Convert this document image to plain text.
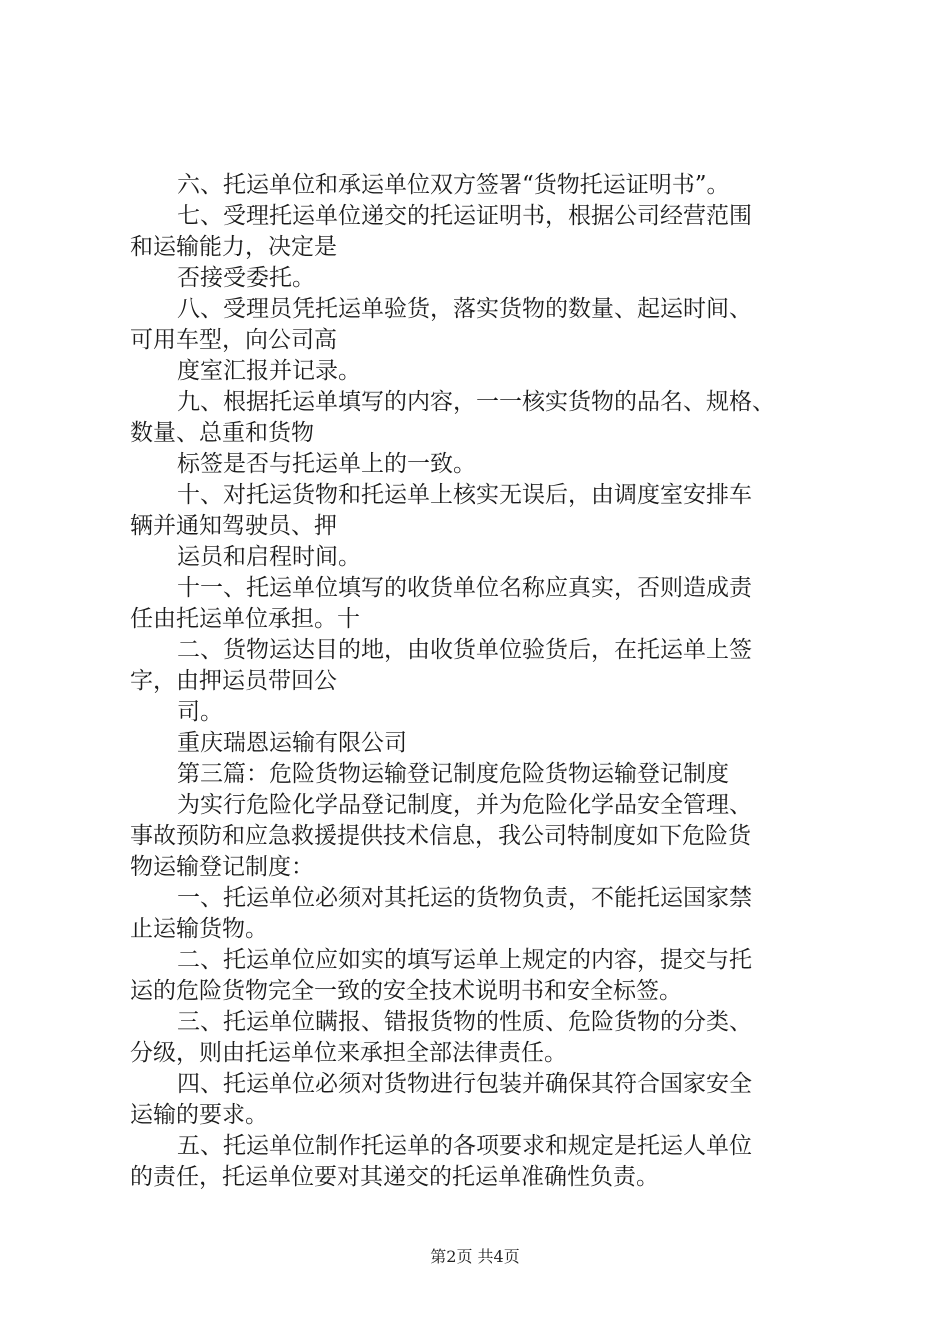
六、托运单位和承运单位双方签署“货物托运证明书”。
七、受理托运单位递交的托运证明书，根据公司经营范围
和运输能力，决定是
否接受委托。
八、受理员凭托运单验货，落实货物的数量、起运时间、
可用车型，向公司高
度室汇报并记录。
九、根据托运单填写的内容，一一核实货物的品名、规格、
数量、总重和货物
标签是否与托运单上的一致。
十、对托运货物和托运单上核实无误后，由调度室安排车
辆并通知驾驶员、押
运员和启程时间。
十一、托运单位填写的收货单位名称应真实，否则造成责
任由托运单位承担。十
二、货物运达目的地，由收货单位验货后，在托运单上签
字，由押运员带回公
司。
重庆瑞恩运输有限公司
第三篇：危险货物运输登记制度危险货物运输登记制度
为实行危险化学品登记制度，并为危险化学品安全管理、
事故预防和应急救援提供技术信息，我公司特制度如下危险货
物运输登记制度：
一、托运单位必须对其托运的货物负责，不能托运国家禁
止运输货物。
二、托运单位应如实的填写运单上规定的内容，提交与托
运的危险货物完全一致的安全技术说明书和安全标签。
三、托运单位瞒报、错报货物的性质、危险货物的分类、
分级，则由托运单位来承担全部法律责任。
四、托运单位必须对货物进行包装并确保其符合国家安全
运输的要求。
五、托运单位制作托运单的各项要求和规定是托运人单位
的责任，托运单位要对其递交的托运单准确性负责。
第2页 共4页
